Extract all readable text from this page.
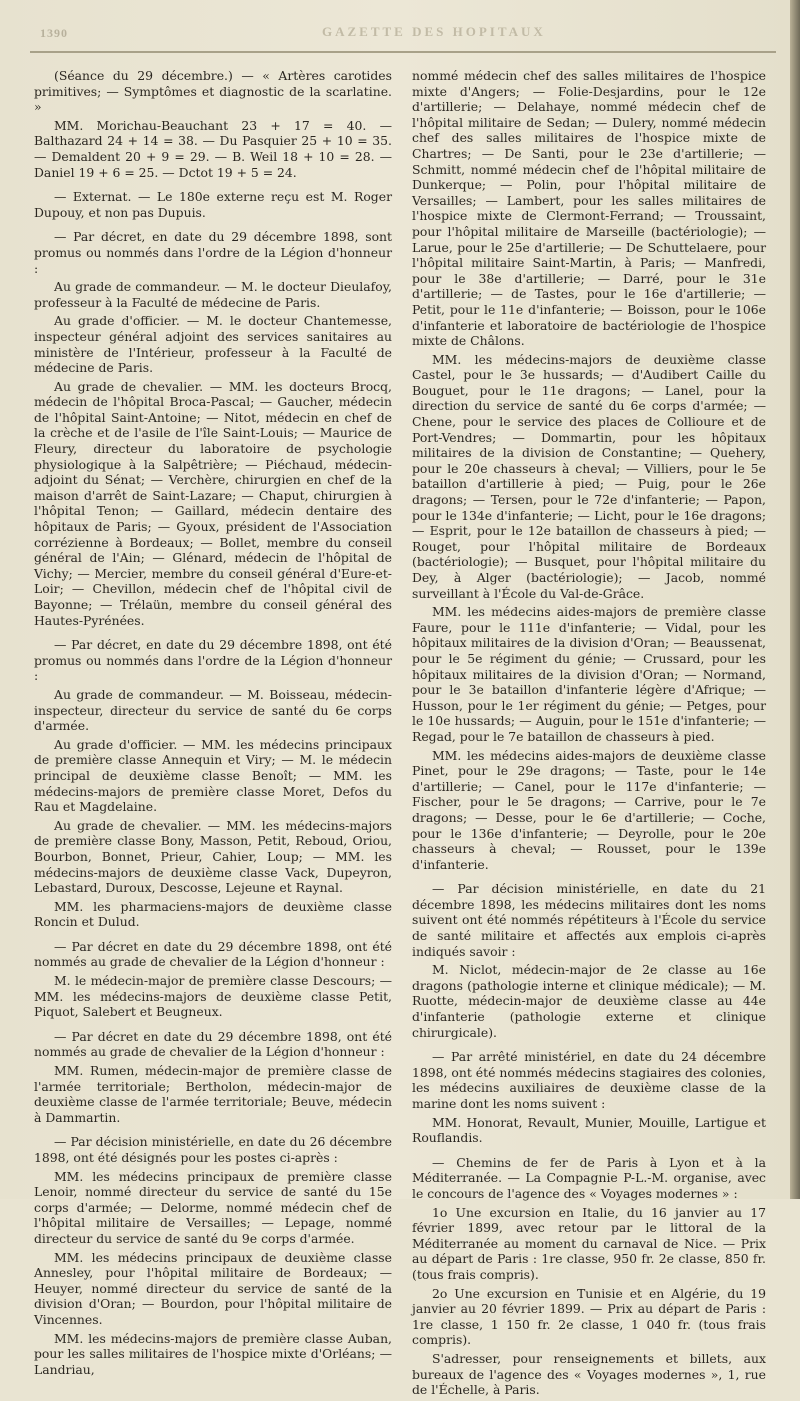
1390	GAZETTE DES HOPITAUX

(Séance du 29 décembre.) — « Artères carotides primitives; — Symptômes et diagnostic de la scarlatine. »

MM. Morichau-Beauchant 23 + 17 = 40. — Balthazard 24 + 14 = 38. — Du Pasquier 25 + 10 = 35. — Demaldent 20 + 9 = 29. — B. Weil 18 + 10 = 28. — Daniel 19 + 6 = 25. — Dctot 19 + 5 = 24.

— Externat. — Le 180e externe reçu est M. Roger Dupouy, et non pas Dupuis.

— Par décret, en date du 29 décembre 1898, sont promus ou nommés dans l'ordre de la Légion d'honneur :

Au grade de commandeur. — M. le docteur Dieulafoy, professeur à la Faculté de médecine de Paris.

Au grade d'officier. — M. le docteur Chantemesse, inspecteur général adjoint des services sanitaires au ministère de l'Intérieur, professeur à la Faculté de médecine de Paris.

Au grade de chevalier. — MM. les docteurs Brocq, médecin de l'hôpital Broca-Pascal; — Gaucher, médecin de l'hôpital Saint-Antoine; — Nitot, médecin en chef de la crèche et de l'asile de l'île Saint-Louis; — Maurice de Fleury, directeur du laboratoire de psychologie physiologique à la Salpêtrière; — Piéchaud, médecin-adjoint du Sénat; — Verchère, chirurgien en chef de la maison d'arrêt de Saint-Lazare; — Chaput, chirurgien à l'hôpital Tenon; — Gaillard, médecin dentaire des hôpitaux de Paris; — Gyoux, président de l'Association corrézienne à Bordeaux; — Bollet, membre du conseil général de l'Ain; — Glénard, médecin de l'hôpital de Vichy; — Mercier, membre du conseil général d'Eure-et-Loir; — Chevillon, médecin chef de l'hôpital civil de Bayonne; — Trélaün, membre du conseil général des Hautes-Pyrénées.

— Par décret, en date du 29 décembre 1898, ont été promus ou nommés dans l'ordre de la Légion d'honneur :

Au grade de commandeur. — M. Boisseau, médecin-inspecteur, directeur du service de santé du 6e corps d'armée.

Au grade d'officier. — MM. les médecins principaux de première classe Annequin et Viry; — M. le médecin principal de deuxième classe Benoît; — MM. les médecins-majors de première classe Moret, Defos du Rau et Magdelaine.

Au grade de chevalier. — MM. les médecins-majors de première classe Bony, Masson, Petit, Reboud, Oriou, Bourbon, Bonnet, Prieur, Cahier, Loup; — MM. les médecins-majors de deuxième classe Vack, Dupeyron, Lebastard, Duroux, Descosse, Lejeune et Raynal.

MM. les pharmaciens-majors de deuxième classe Roncin et Dulud.

— Par décret en date du 29 décembre 1898, ont été nommés au grade de chevalier de la Légion d'honneur :

M. le médecin-major de première classe Descours; — MM. les médecins-majors de deuxième classe Petit, Piquot, Salebert et Beugneux.

— Par décret en date du 29 décembre 1898, ont été nommés au grade de chevalier de la Légion d'honneur :

MM. Rumen, médecin-major de première classe de l'armée territoriale; Bertholon, médecin-major de deuxième classe de l'armée territoriale; Beuve, médecin à Dammartin.

— Par décision ministérielle, en date du 26 décembre 1898, ont été désignés pour les postes ci-après :

MM. les médecins principaux de première classe Lenoir, nommé directeur du service de santé du 15e corps d'armée; — Delorme, nommé médecin chef de l'hôpital militaire de Versailles; — Lepage, nommé directeur du service de santé du 9e corps d'armée.

MM. les médecins principaux de deuxième classe Annesley, pour l'hôpital militaire de Bordeaux; — Heuyer, nommé directeur du service de santé de la division d'Oran; — Bourdon, pour l'hôpital militaire de Vincennes.

MM. les médecins-majors de première classe Auban, pour les salles militaires de l'hospice mixte d'Orléans; — Landriau,

nommé médecin chef des salles militaires de l'hospice mixte d'Angers; — Folie-Desjardins, pour le 12e d'artillerie; — Delahaye, nommé médecin chef de l'hôpital militaire de Sedan; — Dulery, nommé médecin chef des salles militaires de l'hospice mixte de Chartres; — De Santi, pour le 23e d'artillerie; — Schmitt, nommé médecin chef de l'hôpital militaire de Dunkerque; — Polin, pour l'hôpital militaire de Versailles; — Lambert, pour les salles militaires de l'hospice mixte de Clermont-Ferrand; — Troussaint, pour l'hôpital militaire de Marseille (bactériologie); — Larue, pour le 25e d'artillerie; — De Schuttelaere, pour l'hôpital militaire Saint-Martin, à Paris; — Manfredi, pour le 38e d'artillerie; — Darré, pour le 31e d'artillerie; — de Tastes, pour le 16e d'artillerie; — Petit, pour le 11e d'infanterie; — Boisson, pour le 106e d'infanterie et laboratoire de bactériologie de l'hospice mixte de Châlons.

MM. les médecins-majors de deuxième classe Castel, pour le 3e hussards; — d'Audibert Caille du Bouguet, pour le 11e dragons; — Lanel, pour la direction du service de santé du 6e corps d'armée; — Chene, pour le service des places de Collioure et de Port-Vendres; — Dommartin, pour les hôpitaux militaires de la division de Constantine; — Quehery, pour le 20e chasseurs à cheval; — Villiers, pour le 5e bataillon d'artillerie à pied; — Puig, pour le 26e dragons; — Tersen, pour le 72e d'infanterie; — Papon, pour le 134e d'infanterie; — Licht, pour le 16e dragons; — Esprit, pour le 12e bataillon de chasseurs à pied; — Rouget, pour l'hôpital militaire de Bordeaux (bactériologie); — Busquet, pour l'hôpital militaire du Dey, à Alger (bactériologie); — Jacob, nommé surveillant à l'École du Val-de-Grâce.

MM. les médecins aides-majors de première classe Faure, pour le 111e d'infanterie; — Vidal, pour les hôpitaux militaires de la division d'Oran; — Beaussenat, pour le 5e régiment du génie; — Crussard, pour les hôpitaux militaires de la division d'Oran; — Normand, pour le 3e bataillon d'infanterie légère d'Afrique; — Husson, pour le 1er régiment du génie; — Petges, pour le 10e hussards; — Auguin, pour le 151e d'infanterie; — Regad, pour le 7e bataillon de chasseurs à pied.

MM. les médecins aides-majors de deuxième classe Pinet, pour le 29e dragons; — Taste, pour le 14e d'artillerie; — Canel, pour le 117e d'infanterie; — Fischer, pour le 5e dragons; — Carrive, pour le 7e dragons; — Desse, pour le 6e d'artillerie; — Coche, pour le 136e d'infanterie; — Deyrolle, pour le 20e chasseurs à cheval; — Rousset, pour le 139e d'infanterie.

— Par décision ministérielle, en date du 21 décembre 1898, les médecins militaires dont les noms suivent ont été nommés répétiteurs à l'École du service de santé militaire et affectés aux emplois ci-après indiqués savoir :

M. Niclot, médecin-major de 2e classe au 16e dragons (pathologie interne et clinique médicale); — M. Ruotte, médecin-major de deuxième classe au 44e d'infanterie (pathologie externe et clinique chirurgicale).

— Par arrêté ministériel, en date du 24 décembre 1898, ont été nommés médecins stagiaires des colonies, les médecins auxiliaires de deuxième classe de la marine dont les noms suivent :

MM. Honorat, Revault, Munier, Mouille, Lartigue et Rouflandis.

— Chemins de fer de Paris à Lyon et à la Méditerranée. — La Compagnie P-L.-M. organise, avec le concours de l'agence des « Voyages modernes » :

1o Une excursion en Italie, du 16 janvier au 17 février 1899, avec retour par le littoral de la Méditerranée au moment du carnaval de Nice. — Prix au départ de Paris : 1re classe, 950 fr. 2e classe, 850 fr. (tous frais compris).

2o Une excursion en Tunisie et en Algérie, du 19 janvier au 20 février 1899. — Prix au départ de Paris : 1re classe, 1 150 fr. 2e classe, 1 040 fr. (tous frais compris).

S'adresser, pour renseignements et billets, aux bureaux de l'agence des « Voyages modernes », 1, rue de l'Échelle, à Paris.
